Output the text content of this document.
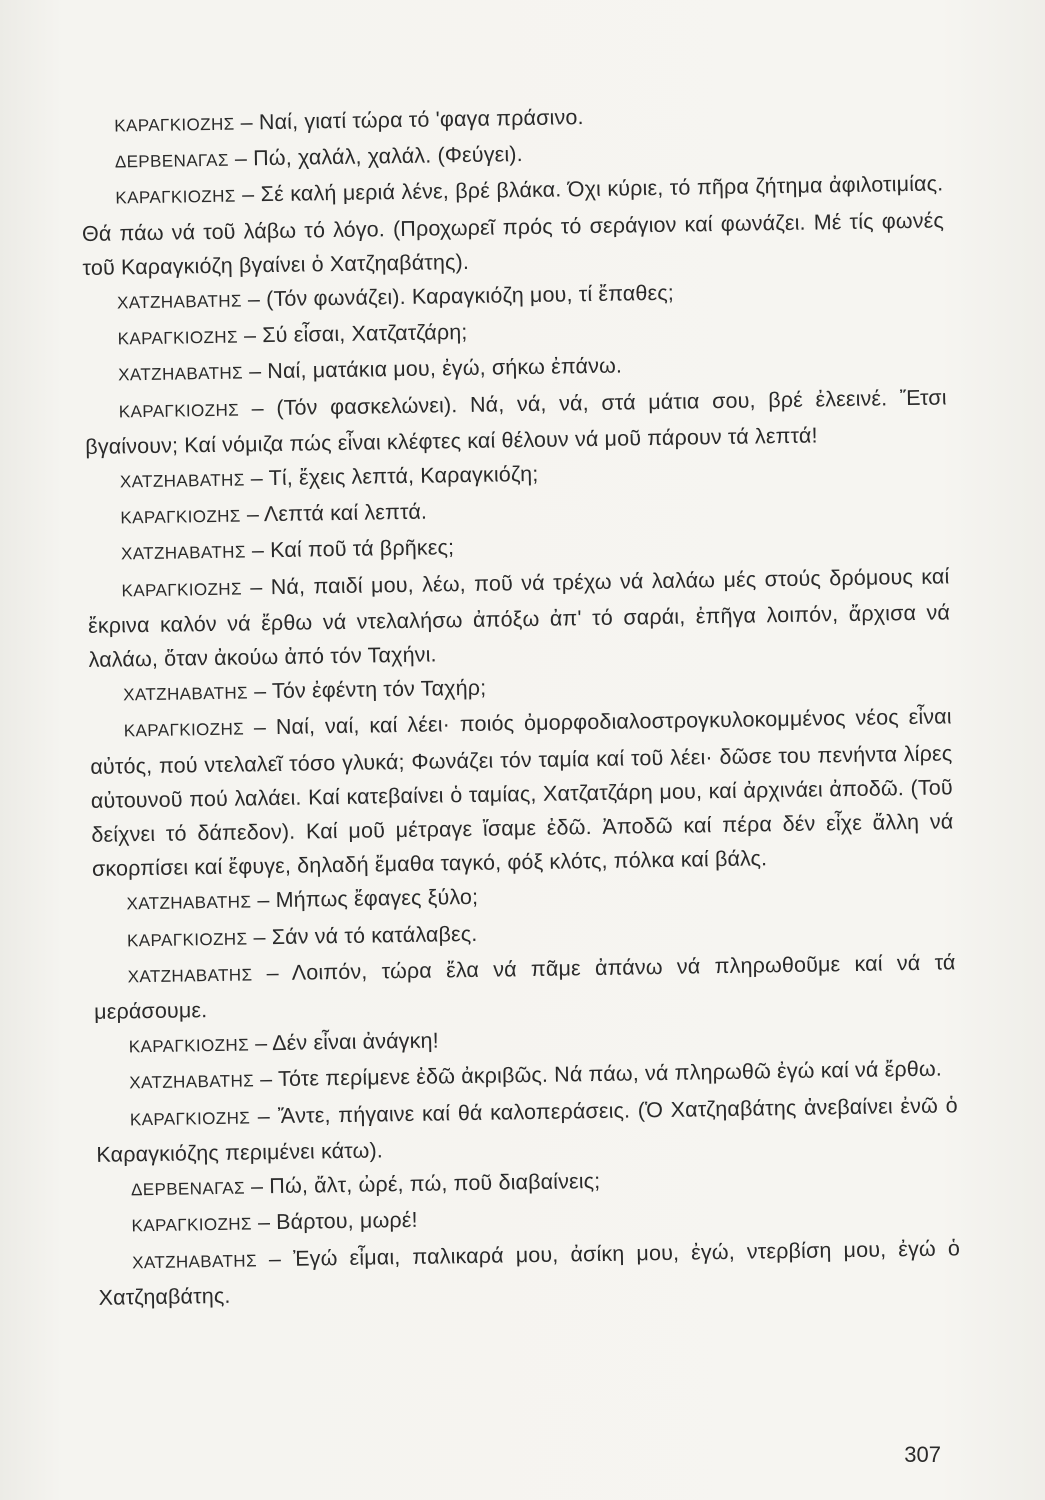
ΚΑΡΑΓΚΙΟΖΗΣ – Ναί, γιατί τώρα τό 'φαγα πράσινο.

ΔΕΡΒΕΝΑΓΑΣ – Πώ, χαλάλ, χαλάλ. (Φεύγει).

ΚΑΡΑΓΚΙΟΖΗΣ – Σέ καλή μεριά λένε, βρέ βλάκα. Όχι κύριε, τό πῆρα ζήτημα ἀφιλοτιμίας. Θά πάω νά τοῦ λάβω τό λόγο. (Προχωρεῖ πρός τό σεράγιον καί φωνάζει. Μέ τίς φωνές τοῦ Καραγκιόζη βγαίνει ὁ Χατζηαβάτης).

ΧΑΤΖΗΑΒΑΤΗΣ – (Τόν φωνάζει). Καραγκιόζη μου, τί ἔπαθες;

ΚΑΡΑΓΚΙΟΖΗΣ – Σύ εἶσαι, Χατζατζάρη;

ΧΑΤΖΗΑΒΑΤΗΣ – Ναί, ματάκια μου, ἐγώ, σήκω ἐπάνω.

ΚΑΡΑΓΚΙΟΖΗΣ – (Τόν φασκελώνει). Νά, νά, νά, στά μάτια σου, βρέ ἐλεεινέ. Ἔτσι βγαίνουν; Καί νόμιζα πώς εἶναι κλέφτες καί θέλουν νά μοῦ πάρουν τά λεπτά!

ΧΑΤΖΗΑΒΑΤΗΣ – Τί, ἔχεις λεπτά, Καραγκιόζη;

ΚΑΡΑΓΚΙΟΖΗΣ – Λεπτά καί λεπτά.

ΧΑΤΖΗΑΒΑΤΗΣ – Καί ποῦ τά βρῆκες;

ΚΑΡΑΓΚΙΟΖΗΣ – Νά, παιδί μου, λέω, ποῦ νά τρέχω νά λαλάω μές στούς δρόμους καί ἔκρινα καλόν νά ἔρθω νά ντελαλήσω ἀπόξω ἀπ' τό σαράι, ἐπῆγα λοιπόν, ἄρχισα νά λαλάω, ὅταν ἀκούω ἀπό τόν Ταχήνι.

ΧΑΤΖΗΑΒΑΤΗΣ – Τόν ἐφέντη τόν Ταχήρ;

ΚΑΡΑΓΚΙΟΖΗΣ – Ναί, ναί, καί λέει· ποιός ὀμορφοδιαλοστρογκυλοκομμένος νέος εἶναι αὐτός, πού ντελαλεῖ τόσο γλυκά; Φωνάζει τόν ταμία καί τοῦ λέει· δῶσε του πενήντα λίρες αὐτουνοῦ πού λαλάει. Καί κατεβαίνει ὁ ταμίας, Χατζατζάρη μου, καί ἀρχινάει ἀποδῶ. (Τοῦ δείχνει τό δάπεδον). Καί μοῦ μέτραγε ἴσαμε ἐδῶ. Ἀποδῶ καί πέρα δέν εἶχε ἄλλη νά σκορπίσει καί ἔφυγε, δηλαδή ἔμαθα ταγκό, φόξ κλότς, πόλκα καί βάλς.

ΧΑΤΖΗΑΒΑΤΗΣ – Μήπως ἔφαγες ξύλο;

ΚΑΡΑΓΚΙΟΖΗΣ – Σάν νά τό κατάλαβες.

ΧΑΤΖΗΑΒΑΤΗΣ – Λοιπόν, τώρα ἔλα νά πᾶμε ἀπάνω νά πληρωθοῦμε καί νά τά μεράσουμε.

ΚΑΡΑΓΚΙΟΖΗΣ – Δέν εἶναι ἀνάγκη!

ΧΑΤΖΗΑΒΑΤΗΣ – Τότε περίμενε ἐδῶ ἀκριβῶς. Νά πάω, νά πληρωθῶ ἐγώ καί νά ἔρθω.

ΚΑΡΑΓΚΙΟΖΗΣ – Ἄντε, πήγαινε καί θά καλοπεράσεις. (Ὁ Χατζηαβάτης ἀνεβαίνει ἐνῶ ὁ Καραγκιόζης περιμένει κάτω).

ΔΕΡΒΕΝΑΓΑΣ – Πώ, ἄλτ, ὠρέ, πώ, ποῦ διαβαίνεις;

ΚΑΡΑΓΚΙΟΖΗΣ – Βάρτου, μωρέ!

ΧΑΤΖΗΑΒΑΤΗΣ – Ἐγώ εἶμαι, παλικαρά μου, ἀσίκη μου, ἐγώ, ντερβίση μου, ἐγώ ὁ Χατζηαβάτης.

307
